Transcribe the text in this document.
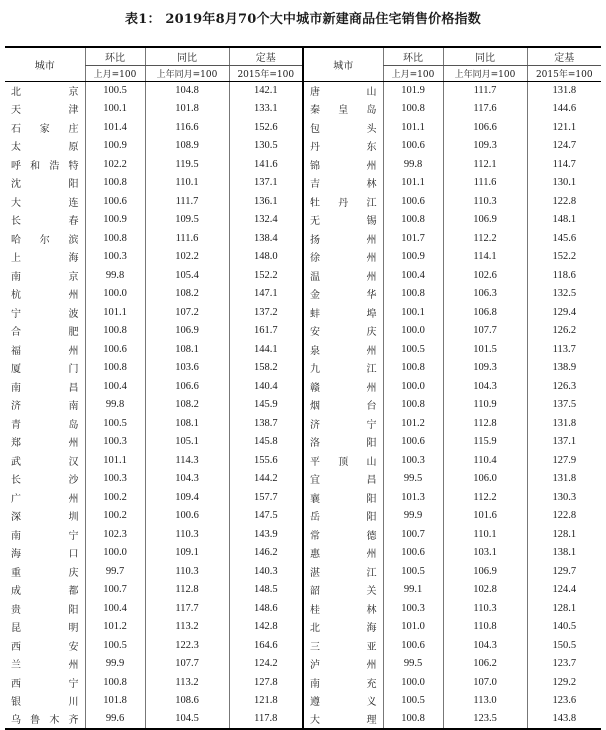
表1： 2019年8月70个大中城市新建商品住宅销售价格指数
城市	环比	同比	定基	城市	环比	同比	定基
	上月=100	上年同月=100	2015年=100		上月=100	上年同月=100	2015年=100
北京	100.5	104.8	142.1	唐山	101.9	111.7	131.8
天津	100.1	101.8	133.1	秦皇岛	100.8	117.6	144.6
石家庄	101.4	116.6	152.6	包头	101.1	106.6	121.1
太原	100.9	108.9	130.5	丹东	100.6	109.3	124.7
呼和浩特	102.2	119.5	141.6	锦州	99.8	112.1	114.7
沈阳	100.8	110.1	137.1	吉林	101.1	111.6	130.1
大连	100.6	111.7	136.1	牡丹江	100.6	110.3	122.8
长春	100.9	109.5	132.4	无锡	100.8	106.9	148.1
哈尔滨	100.8	111.6	138.4	扬州	101.7	112.2	145.6
上海	100.3	102.2	148.0	徐州	100.9	114.1	152.2
南京	99.8	105.4	152.2	温州	100.4	102.6	118.6
杭州	100.0	108.2	147.1	金华	100.8	106.3	132.5
宁波	101.1	107.2	137.2	蚌埠	100.1	106.8	129.4
合肥	100.8	106.9	161.7	安庆	100.0	107.7	126.2
福州	100.6	108.1	144.1	泉州	100.5	101.5	113.7
厦门	100.8	103.6	158.2	九江	100.8	109.3	138.9
南昌	100.4	106.6	140.4	赣州	100.0	104.3	126.3
济南	99.8	108.2	145.9	烟台	100.8	110.9	137.5
青岛	100.5	108.1	138.7	济宁	101.2	112.8	131.8
郑州	100.3	105.1	145.8	洛阳	100.6	115.9	137.1
武汉	101.1	114.3	155.6	平顶山	100.3	110.4	127.9
长沙	100.3	104.3	144.2	宜昌	99.5	106.0	131.8
广州	100.2	109.4	157.7	襄阳	101.3	112.2	130.3
深圳	100.2	100.6	147.5	岳阳	99.9	101.6	122.8
南宁	102.3	110.3	143.9	常德	100.7	110.1	128.1
海口	100.0	109.1	146.2	惠州	100.6	103.1	138.1
重庆	99.7	110.3	140.3	湛江	100.5	106.9	129.7
成都	100.7	112.8	148.5	韶关	99.1	102.8	124.4
贵阳	100.4	117.7	148.6	桂林	100.3	110.3	128.1
昆明	101.2	113.2	142.8	北海	101.0	110.8	140.5
西安	100.5	122.3	164.6	三亚	100.6	104.3	150.5
兰州	99.9	107.7	124.2	泸州	99.5	106.2	123.7
西宁	100.8	113.2	127.8	南充	100.0	107.0	129.2
银川	101.8	108.6	121.8	遵义	100.5	113.0	123.6
乌鲁木齐	99.6	104.5	117.8	大理	100.8	123.5	143.8
